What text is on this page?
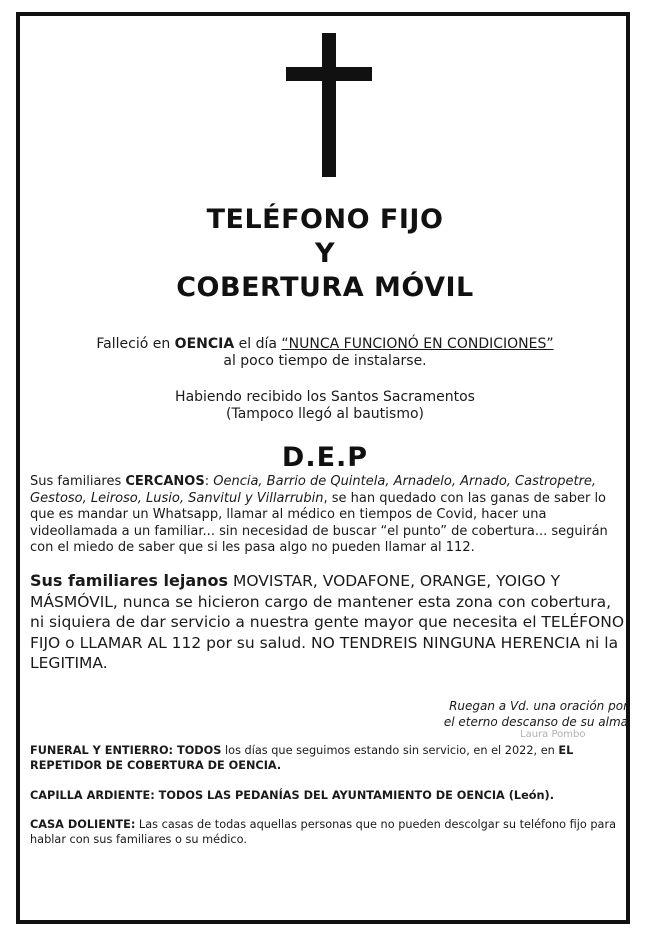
TELÉFONO FIJO
Y
COBERTURA MÓVIL
Falleció en OENCIA el día “NUNCA FUNCIONÓ EN CONDICIONES”
al poco tiempo de instalarse.
Habiendo recibido los Santos Sacramentos
(Tampoco llegó al bautismo)
D.E.P
Sus familiares CERCANOS: Oencia, Barrio de Quintela, Arnadelo, Arnado, Castropetre, Gestoso, Leiroso, Lusio, Sanvitul y Villarrubin, se han quedado con las ganas de saber lo que es mandar un Whatsapp, llamar al médico en tiempos de Covid, hacer una videollamada a un familiar... sin necesidad de buscar “el punto” de cobertura... seguirán con el miedo de saber que si les pasa algo no pueden llamar al 112.
Sus familiares lejanos MOVISTAR, VODAFONE, ORANGE, YOIGO Y MÁSMÓVIL, nunca se hicieron cargo de mantener esta zona con cobertura, ni siquiera de dar servicio a nuestra gente mayor que necesita el TELÉFONO FIJO o LLAMAR AL 112 por su salud. NO TENDREIS NINGUNA HERENCIA ni la LEGITIMA.
Ruegan a Vd. una oración por
el eterno descanso de su alma
Laura Pombo
FUNERAL Y ENTIERRO: TODOS los días que seguimos estando sin servicio, en el 2022, en EL REPETIDOR DE COBERTURA DE OENCIA.
CAPILLA ARDIENTE: TODOS LAS PEDANÍAS DEL AYUNTAMIENTO DE OENCIA (León).
CASA DOLIENTE: Las casas de todas aquellas personas que no pueden descolgar su teléfono fijo para hablar con sus familiares o su médico.
